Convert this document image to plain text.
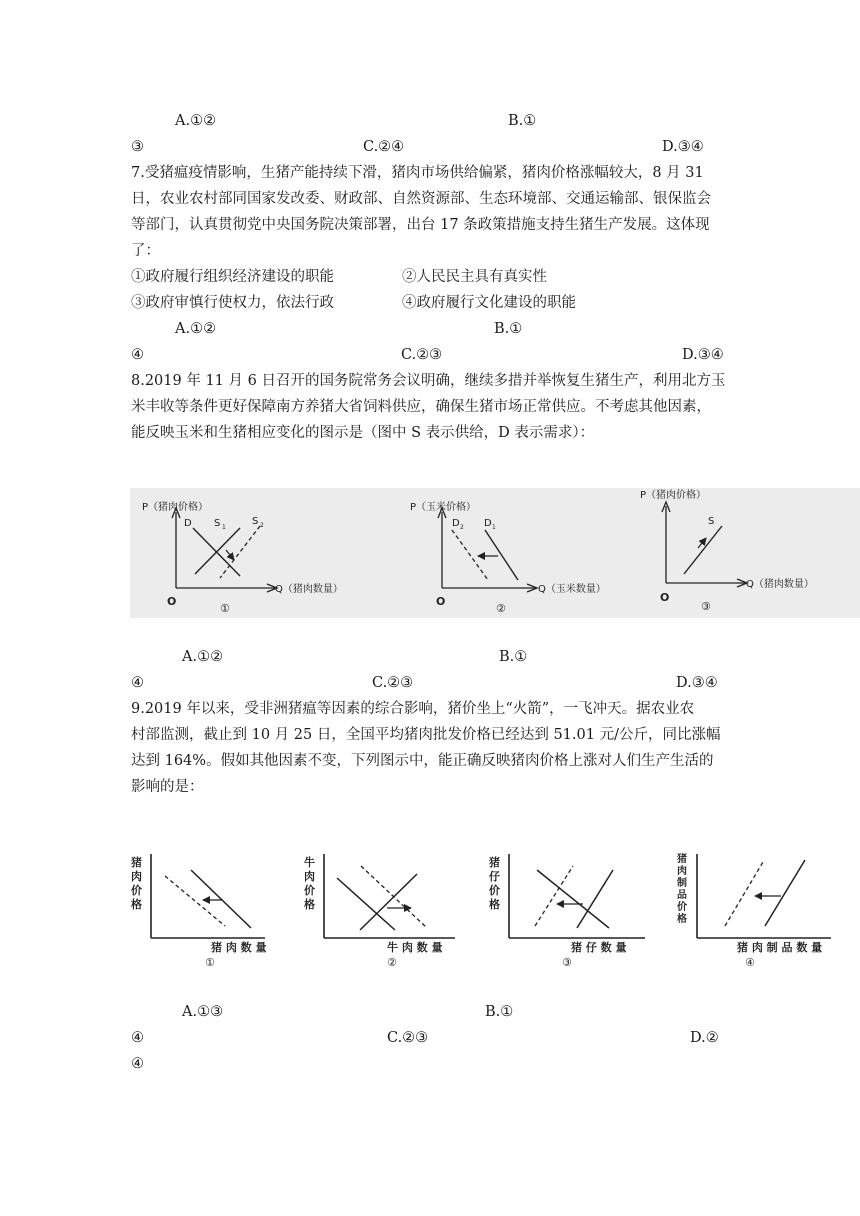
A.①②	B.①
③	C.②④	D.③④
7.受猪瘟疫情影响，生猪产能持续下滑，猪肉市场供给偏紧，猪肉价格涨幅较大，8 月 31
日，农业农村部同国家发改委、财政部、自然资源部、生态环境部、交通运输部、银保监会
等部门，认真贯彻党中央国务院决策部署，出台 17 条政策措施支持生猪生产发展。这体现
了：
①政府履行组织经济建设的职能	②人民民主具有真实性
③政府审慎行使权力，依法行政	④政府履行文化建设的职能
A.①②	B.①
④	C.②③	D.③④
8.2019 年 11 月 6 日召开的国务院常务会议明确，继续多措并举恢复生猪生产，利用北方玉
米丰收等条件更好保障南方养猪大省饲料供应，确保生猪市场正常供应。不考虑其他因素，
能反映玉米和生猪相应变化的图示是（图中 S 表示供给，D 表示需求）：
P（猪肉价格）
Q（猪肉数量）
O
①
D S 1
S 2
P（玉米价格）
Q（玉米数量）
O
②
D 2 D 1
P（猪肉价格）
Q（猪肉数量）
O
③
S
A.①②	B.①
④	C.②③	D.③④
9.2019 年以来，受非洲猪瘟等因素的综合影响，猪价坐上“火箭”，一飞冲天。据农业农
村部监测，截止到 10 月 25 日，全国平均猪肉批发价格已经达到 51.01 元/公斤，同比涨幅
达到 164%。假如其他因素不变，下列图示中，能正确反映猪肉价格上涨对人们生产生活的
影响的是：
猪
肉
价
格
猪 肉 数 量
①
牛
肉
价
格
牛 肉 数 量
②
猪
仔
价
格
猪 仔 数 量
③
猪
肉
制
品
价
格
猪 肉 制 品 数 量
④
A.①③	B.①
④	C.②③	D.②
④
